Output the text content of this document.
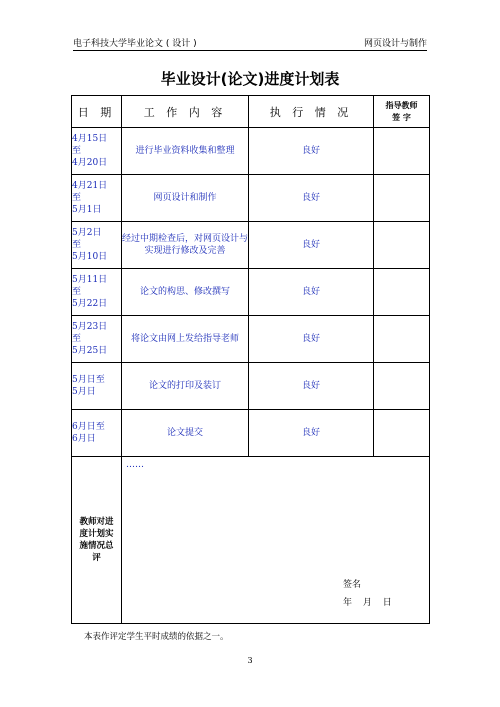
电子科技大学毕业论文 ( 设计 )	网页设计与制作
毕业设计(论文)进度计划表
日 期	工 作 内 容	执 行 情 况	指导教师
签 字
4月15日
至
4月20日	进行毕业资料收集和整理	良好	
4月21日
至
5月1日	网页设计和制作	良好	
5月2日
至
5月10日	经过中期检查后，对网页设计与实现进行修改及完善	良好	
5月11日
至
5月22日	论文的构思、修改撰写	良好	
5月23日
至
5月25日	将论文由网上发给指导老师	良好	
5月日至
5月日	论文的打印及装订	良好	
6月日至
6月日	论文提交	良好	

教师对进度计划实施情况总评	……
签名
年 月 日		
本表作评定学生平时成绩的依据之一。
3
